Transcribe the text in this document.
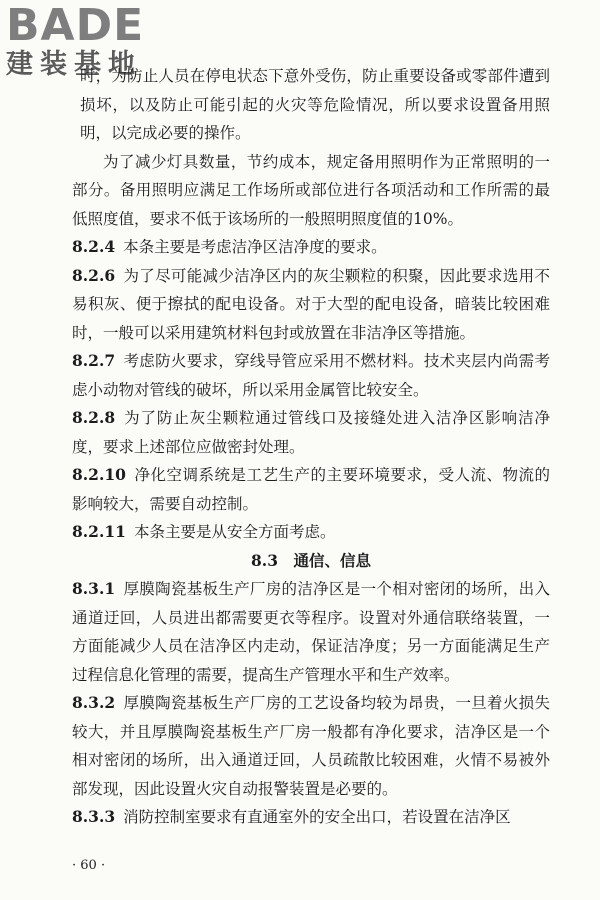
BADE
建装基地

时，为防止人员在停电状态下意外受伤，防止重要设备或零部件遭到损坏，以及防止可能引起的火灾等危险情况，所以要求设置备用照明，以完成必要的操作。

为了减少灯具数量，节约成本，规定备用照明作为正常照明的一部分。备用照明应满足工作场所或部位进行各项活动和工作所需的最低照度值，要求不低于该场所的一般照明照度值的10%。

8.2.4 本条主要是考虑洁净区洁净度的要求。

8.2.6 为了尽可能减少洁净区内的灰尘颗粒的积聚，因此要求选用不易积灰、便于擦拭的配电设备。对于大型的配电设备，暗装比较困难时，一般可以采用建筑材料包封或放置在非洁净区等措施。

8.2.7 考虑防火要求，穿线导管应采用不燃材料。技术夹层内尚需考虑小动物对管线的破坏，所以采用金属管比较安全。

8.2.8 为了防止灰尘颗粒通过管线口及接缝处进入洁净区影响洁净度，要求上述部位应做密封处理。

8.2.10 净化空调系统是工艺生产的主要环境要求，受人流、物流的影响较大，需要自动控制。

8.2.11 本条主要是从安全方面考虑。

8.3　通信、信息

8.3.1 厚膜陶瓷基板生产厂房的洁净区是一个相对密闭的场所，出入通道迂回，人员进出都需要更衣等程序。设置对外通信联络装置，一方面能减少人员在洁净区内走动，保证洁净度；另一方面能满足生产过程信息化管理的需要，提高生产管理水平和生产效率。

8.3.2 厚膜陶瓷基板生产厂房的工艺设备均较为昂贵，一旦着火损失较大，并且厚膜陶瓷基板生产厂房一般都有净化要求，洁净区是一个相对密闭的场所，出入通道迂回，人员疏散比较困难，火情不易被外部发现，因此设置火灾自动报警装置是必要的。

8.3.3 消防控制室要求有直通室外的安全出口，若设置在洁净区

· 60 ·
